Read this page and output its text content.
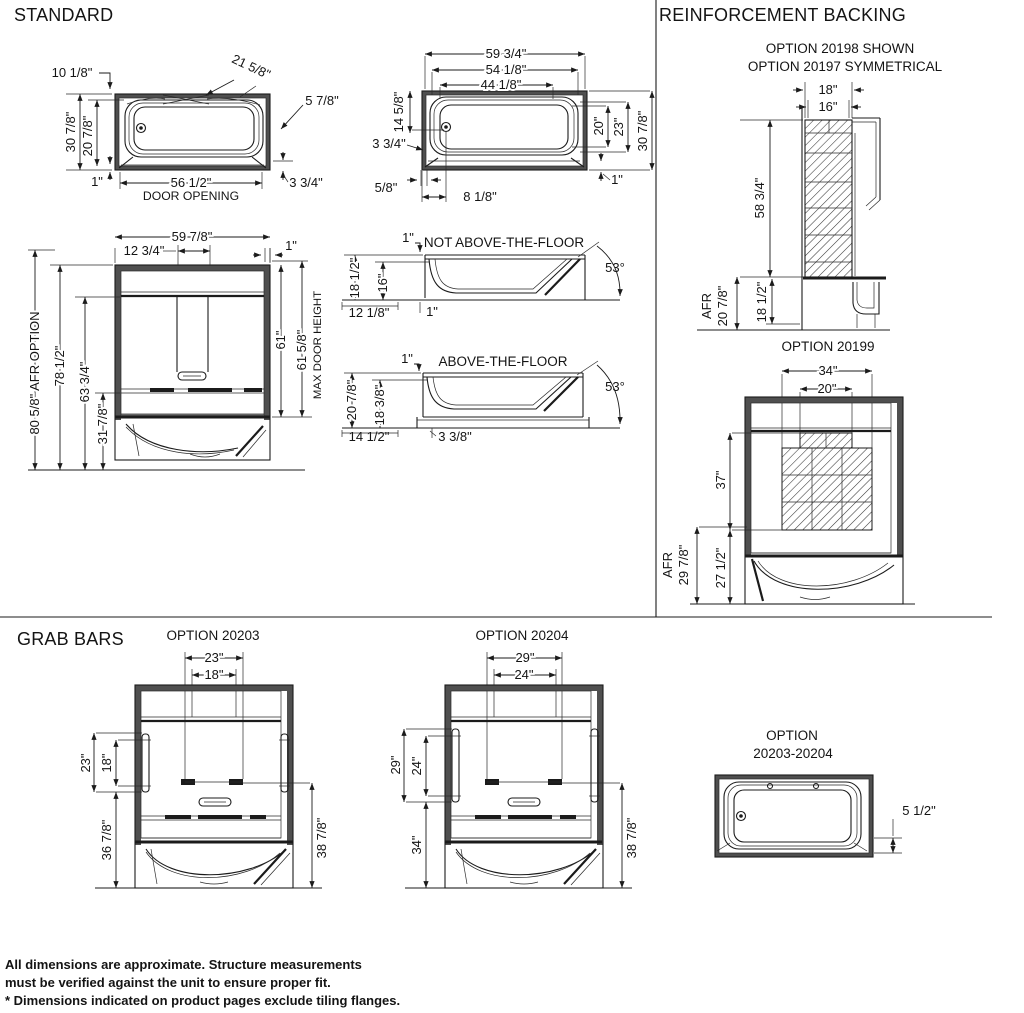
STANDARD	REINFORCEMENT BACKING
GRAB BARS
10 1/8"	21 5/8"
5 7/8"
30 7/8" 20 7/8"
1"	56 1/2"
DOOR OPENING
3 3/4"
59 3/4"
54 1/8"
44 1/8"
14 5/8"
3 3/4"
5/8"
8 1/8"
20" 23" 30 7/8"
1"
59 7/8"
12 3/4"	1"
80 5/8" AFR OPTION 78 1/2" 63 3/4"
31 7/8"
61" 61 5/8" MAX DOOR HEIGHT
NOT ABOVE-THE-FLOOR
53°
1"
18 1/2" 16"
12 1/8"	1"
ABOVE-THE-FLOOR
53°
1"
20 7/8" 18 3/8"
14 1/2"	3 3/8"
OPTION 20198 SHOWN
OPTION 20197 SYMMETRICAL
18"
16"
58 3/4"
AFR 20 7/8" 18 1/2"
OPTION 20199
34"
20"
37"
27 1/2"
AFR 29 7/8"
OPTION 20203
23"
18"
23" 18"
36 7/8"	38 7/8"
OPTION 20204
29"
24"
29" 24"
34"	38 7/8"
OPTION
20203-20204
5 1/2"
All dimensions are approximate. Structure measurements
must be verified against the unit to ensure proper fit.
* Dimensions indicated on product pages exclude tiling flanges.
